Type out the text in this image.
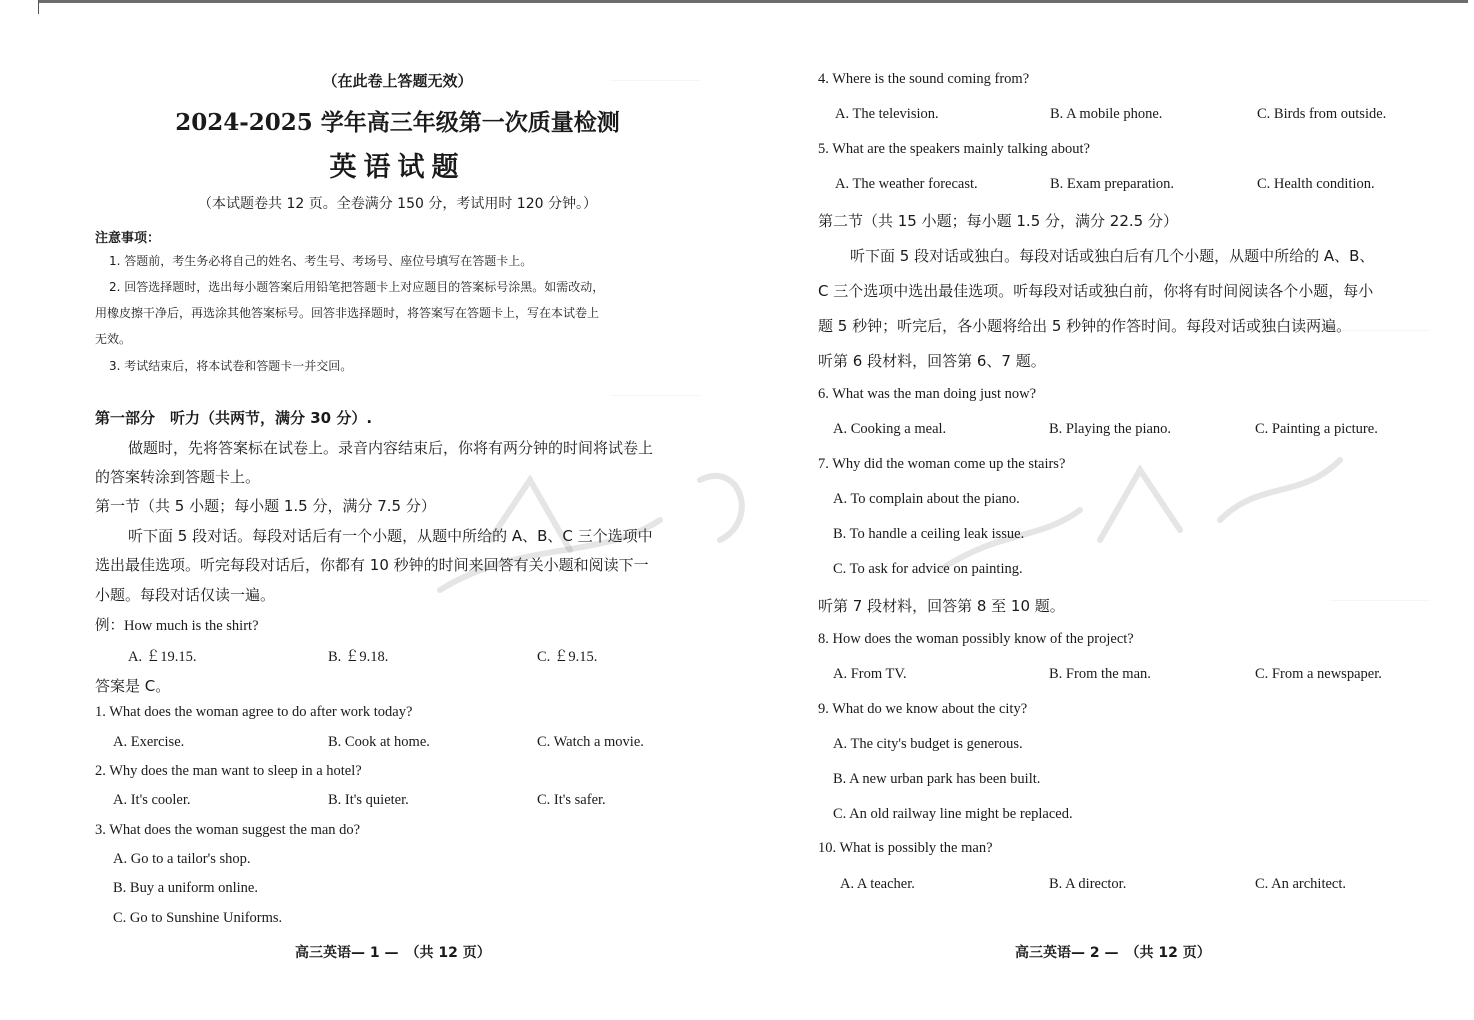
（在此卷上答题无效）
2024-2025 学年高三年级第一次质量检测
英语试题
（本试题卷共 12 页。全卷满分 150 分，考试用时 120 分钟。）
注意事项：
1. 答题前，考生务必将自己的姓名、考生号、考场号、座位号填写在答题卡上。
2. 回答选择题时，选出每小题答案后用铅笔把答题卡上对应题目的答案标号涂黑。如需改动，
用橡皮擦干净后，再选涂其他答案标号。回答非选择题时，将答案写在答题卡上，写在本试卷上
无效。
3. 考试结束后，将本试卷和答题卡一并交回。
第一部分　听力（共两节，满分 30 分）.
做题时，先将答案标在试卷上。录音内容结束后，你将有两分钟的时间将试卷上
的答案转涂到答题卡上。
第一节（共 5 小题；每小题 1.5 分，满分 7.5 分）
听下面 5 段对话。每段对话后有一个小题，从题中所给的 A、B、C 三个选项中
选出最佳选项。听完每段对话后，你都有 10 秒钟的时间来回答有关小题和阅读下一
小题。每段对话仅读一遍。
例：How much is the shirt?
A. ￡19.15.	B. ￡9.18.	C. ￡9.15.
答案是 C。
1. What does the woman agree to do after work today?
A. Exercise.	B. Cook at home.	C. Watch a movie.
2. Why does the man want to sleep in a hotel?
A. It's cooler.	B. It's quieter.	C. It's safer.
3. What does the woman suggest the man do?
A. Go to a tailor's shop.
B. Buy a uniform online.
C. Go to Sunshine Uniforms.
高三英语— 1 —　（共 12 页）
4. Where is the sound coming from?
A. The television.	B. A mobile phone.	C. Birds from outside.
5. What are the speakers mainly talking about?
A. The weather forecast.	B. Exam preparation.	C. Health condition.
第二节（共 15 小题；每小题 1.5 分，满分 22.5 分）
听下面 5 段对话或独白。每段对话或独白后有几个小题，从题中所给的 A、B、
C 三个选项中选出最佳选项。听每段对话或独白前，你将有时间阅读各个小题，每小
题 5 秒钟；听完后，各小题将给出 5 秒钟的作答时间。每段对话或独白读两遍。
听第 6 段材料，回答第 6、7 题。
6. What was the man doing just now?
A. Cooking a meal.	B. Playing the piano.	C. Painting a picture.
7. Why did the woman come up the stairs?
A. To complain about the piano.
B. To handle a ceiling leak issue.
C. To ask for advice on painting.
听第 7 段材料，回答第 8 至 10 题。
8. How does the woman possibly know of the project?
A. From TV.	B. From the man.	C. From a newspaper.
9. What do we know about the city?
A. The city's budget is generous.
B. A new urban park has been built.
C. An old railway line might be replaced.
10. What is possibly the man?
A. A teacher.	B. A director.	C. An architect.
高三英语— 2 —　（共 12 页）
